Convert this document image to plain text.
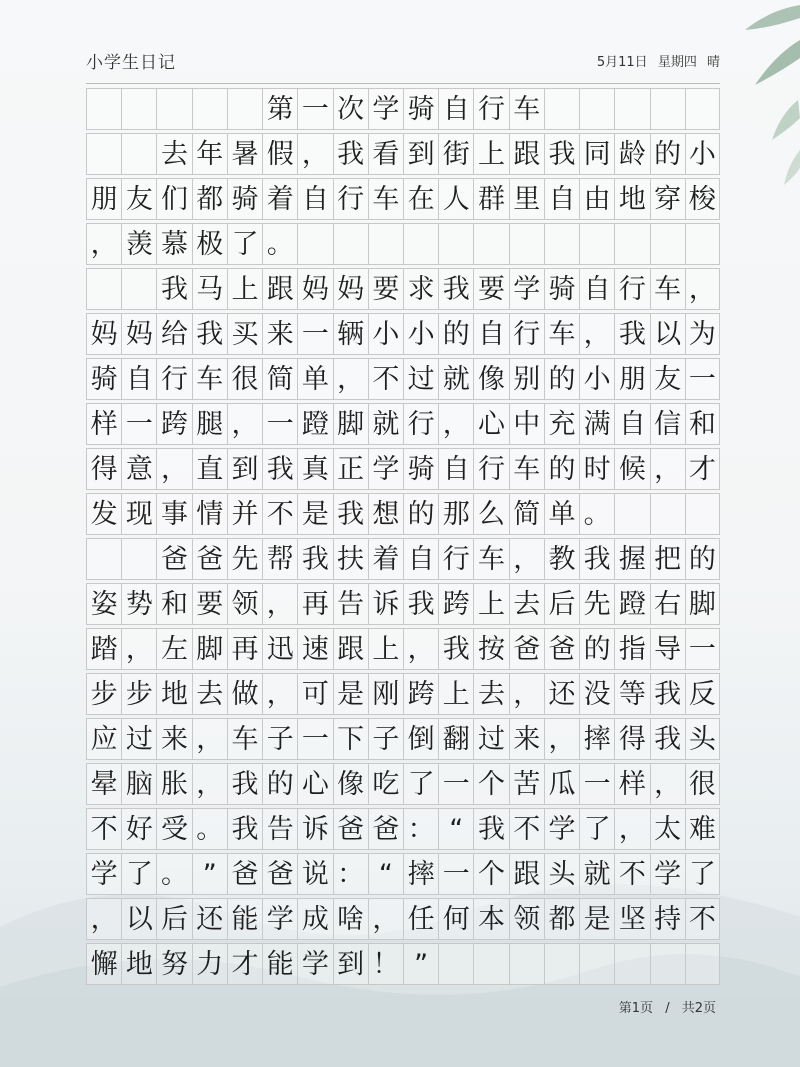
小学生日记	5月11日 星期四 晴
第 一 次 学 骑 自 行 车
去 年 暑 假 ， 我 看 到 街 上 跟 我 同 龄 的 小
朋 友 们 都 骑 着 自 行 车 在 人 群 里 自 由 地 穿 梭
， 羡 慕 极 了 。
我 马 上 跟 妈 妈 要 求 我 要 学 骑 自 行 车 ，
妈 妈 给 我 买 来 一 辆 小 小 的 自 行 车 ， 我 以 为
骑 自 行 车 很 简 单 ， 不 过 就 像 别 的 小 朋 友 一
样 一 跨 腿 ， 一 蹬 脚 就 行 ， 心 中 充 满 自 信 和
得 意 ， 直 到 我 真 正 学 骑 自 行 车 的 时 候 ， 才
发 现 事 情 并 不 是 我 想 的 那 么 简 单 。
爸 爸 先 帮 我 扶 着 自 行 车 ， 教 我 握 把 的
姿 势 和 要 领 ， 再 告 诉 我 跨 上 去 后 先 蹬 右 脚
踏 ， 左 脚 再 迅 速 跟 上 ， 我 按 爸 爸 的 指 导 一
步 步 地 去 做 ， 可 是 刚 跨 上 去 ， 还 没 等 我 反
应 过 来 ， 车 子 一 下 子 倒 翻 过 来 ， 摔 得 我 头
晕 脑 胀 ， 我 的 心 像 吃 了 一 个 苦 瓜 一 样 ， 很
不 好 受 。 我 告 诉 爸 爸 ： “ 我 不 学 了 ， 太 难
学 了 。 ” 爸 爸 说 ： “ 摔 一 个 跟 头 就 不 学 了
， 以 后 还 能 学 成 啥 ， 任 何 本 领 都 是 坚 持 不
懈 地 努 力 才 能 学 到 ！ ”
第1页 / 共2页
